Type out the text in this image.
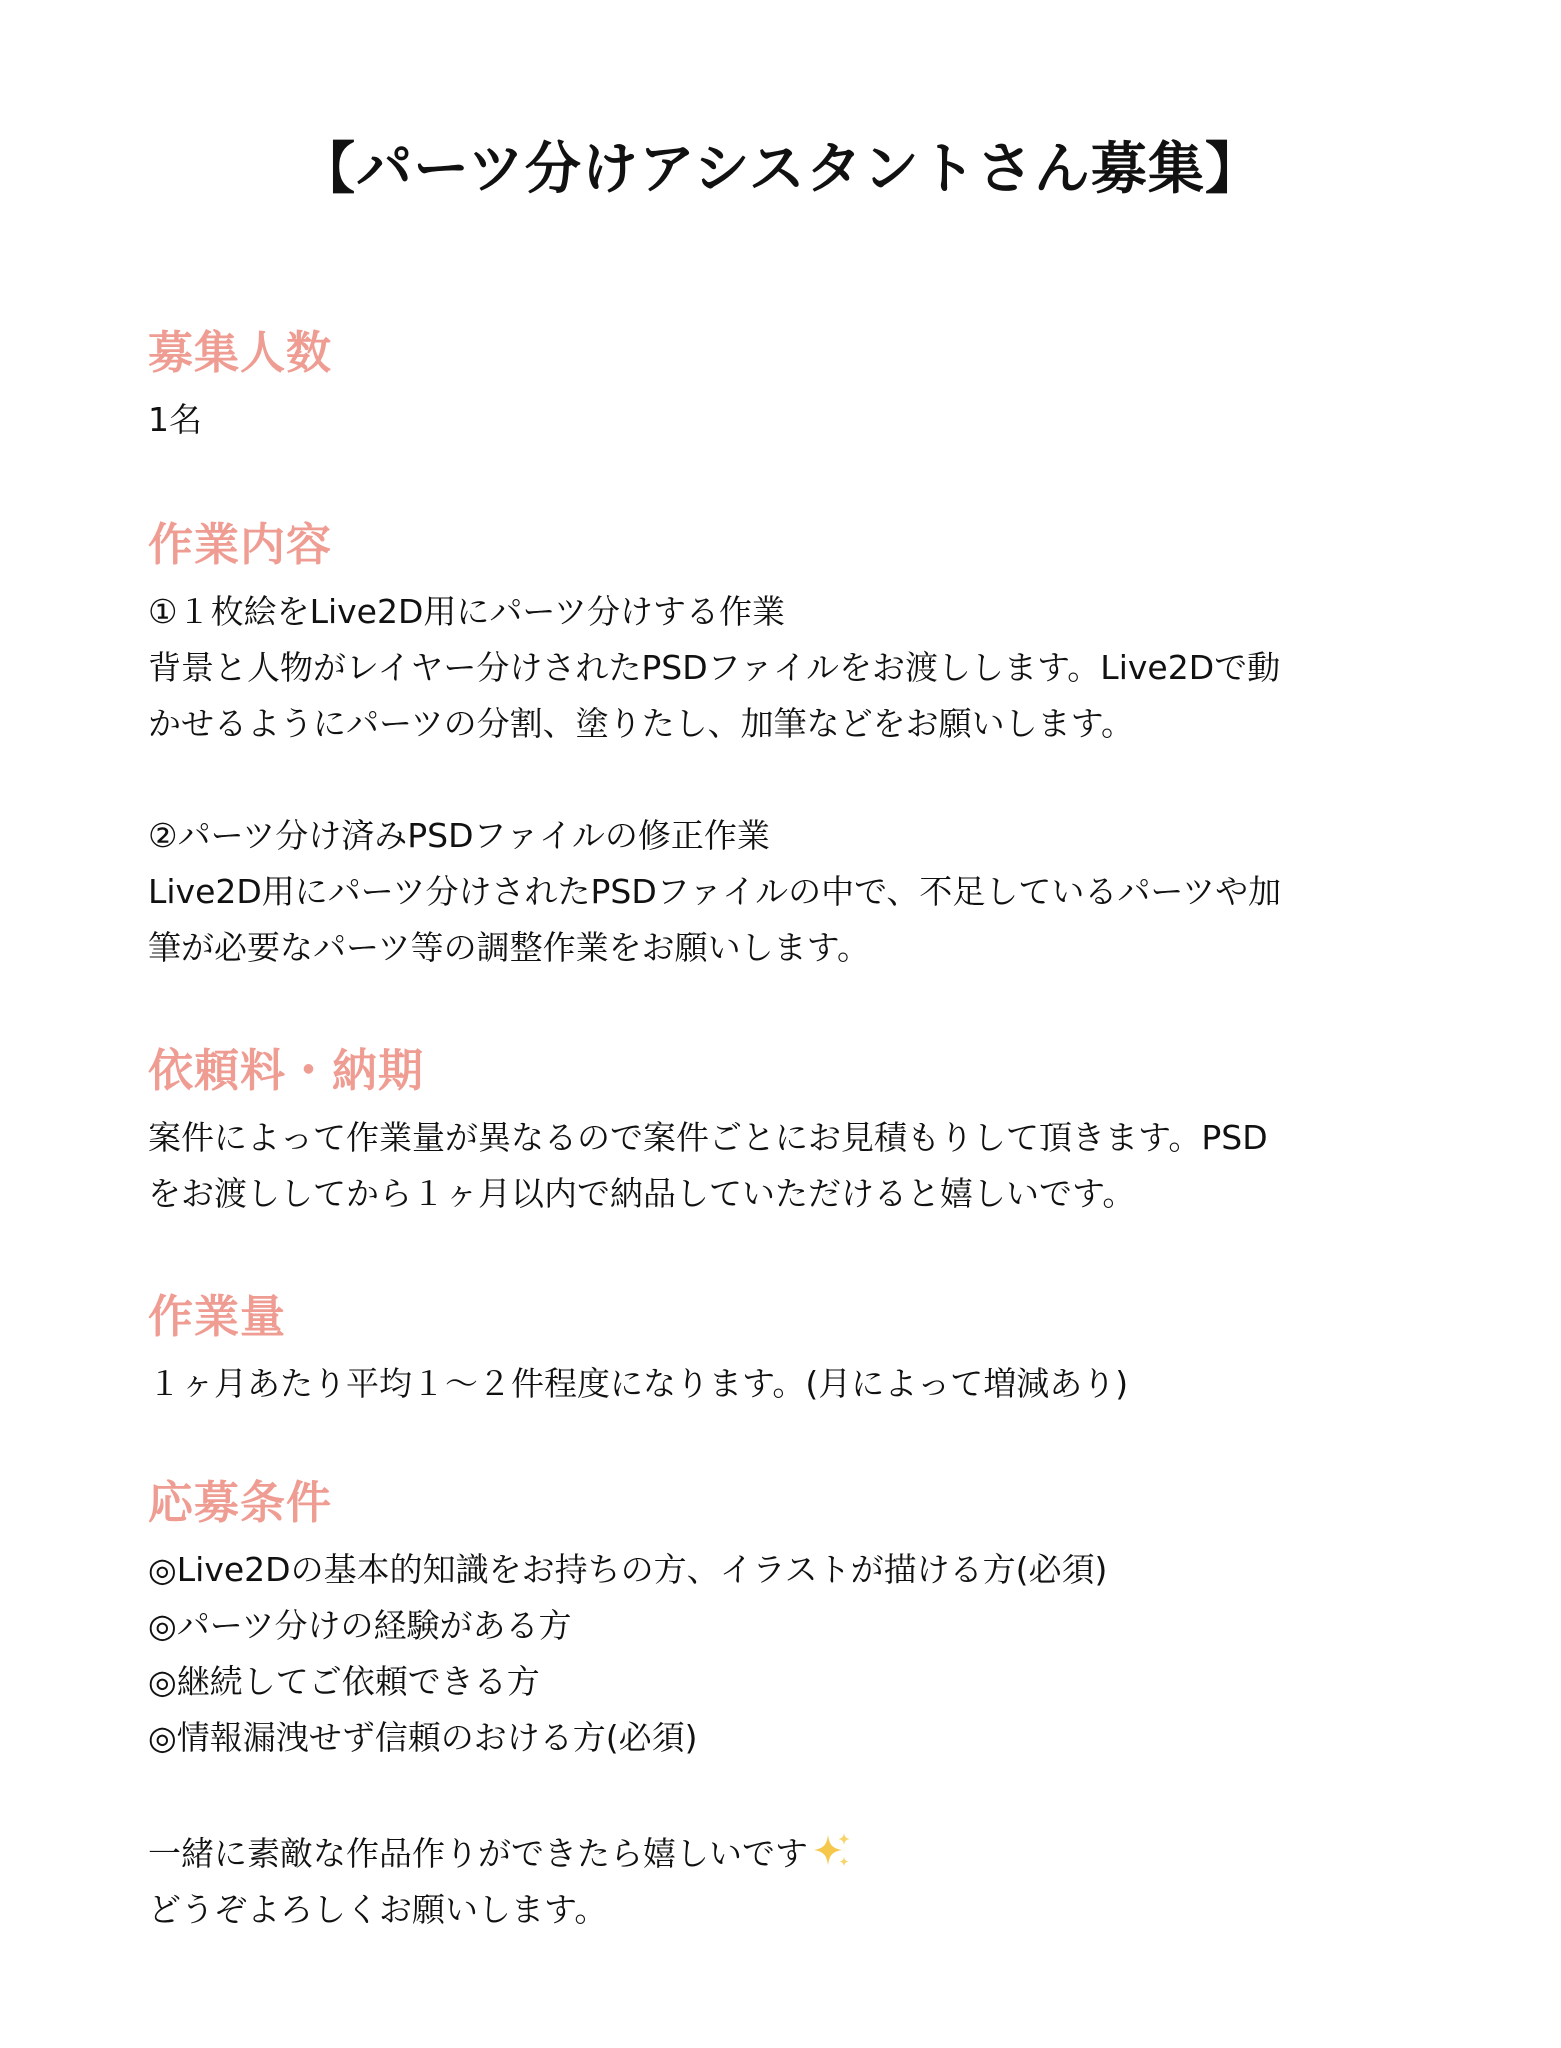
【パーツ分けアシスタントさん募集】
募集人数
1名
作業内容
①１枚絵をLive2D用にパーツ分けする作業
背景と人物がレイヤー分けされたPSDファイルをお渡しします。Live2Dで動
かせるようにパーツの分割、塗りたし、加筆などをお願いします。
②パーツ分け済みPSDファイルの修正作業
Live2D用にパーツ分けされたPSDファイルの中で、不足しているパーツや加
筆が必要なパーツ等の調整作業をお願いします。
依頼料・納期
案件によって作業量が異なるので案件ごとにお見積もりして頂きます。PSD
をお渡ししてから１ヶ月以内で納品していただけると嬉しいです。
作業量
１ヶ月あたり平均１〜２件程度になります。(月によって増減あり)
応募条件
◎Live2Dの基本的知識をお持ちの方、イラストが描ける方(必須)
◎パーツ分けの経験がある方
◎継続してご依頼できる方
◎情報漏洩せず信頼のおける方(必須)
一緒に素敵な作品作りができたら嬉しいです
どうぞよろしくお願いします。
